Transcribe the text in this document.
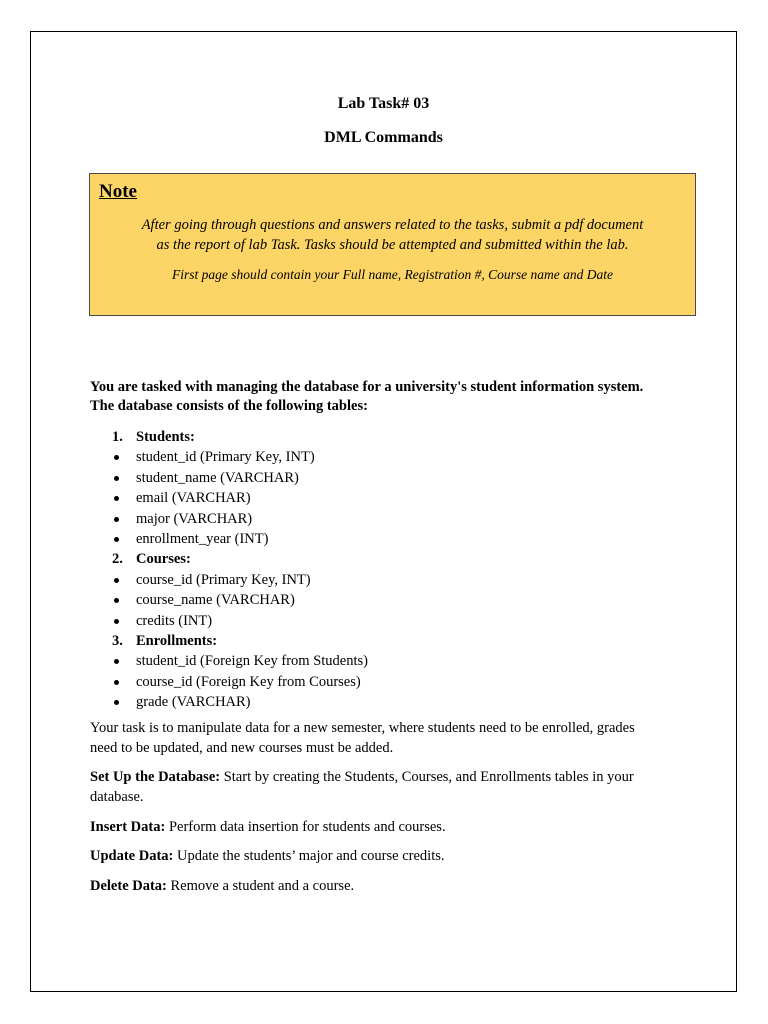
Lab Task# 03
DML Commands
Note
After going through questions and answers related to the tasks, submit a pdf document
as the report of lab Task. Tasks should be attempted and submitted within the lab.
First page should contain your Full name, Registration #, Course name and Date
You are tasked with managing the database for a university's student information system.
The database consists of the following tables:
1. Students:
student_id (Primary Key, INT)
student_name (VARCHAR)
email (VARCHAR)
major (VARCHAR)
enrollment_year (INT)
2. Courses:
course_id (Primary Key, INT)
course_name (VARCHAR)
credits (INT)
3. Enrollments:
student_id (Foreign Key from Students)
course_id (Foreign Key from Courses)
grade (VARCHAR)
Your task is to manipulate data for a new semester, where students need to be enrolled, grades
need to be updated, and new courses must be added.
Set Up the Database: Start by creating the Students, Courses, and Enrollments tables in your
database.
Insert Data: Perform data insertion for students and courses.
Update Data: Update the students’ major and course credits.
Delete Data: Remove a student and a course.
